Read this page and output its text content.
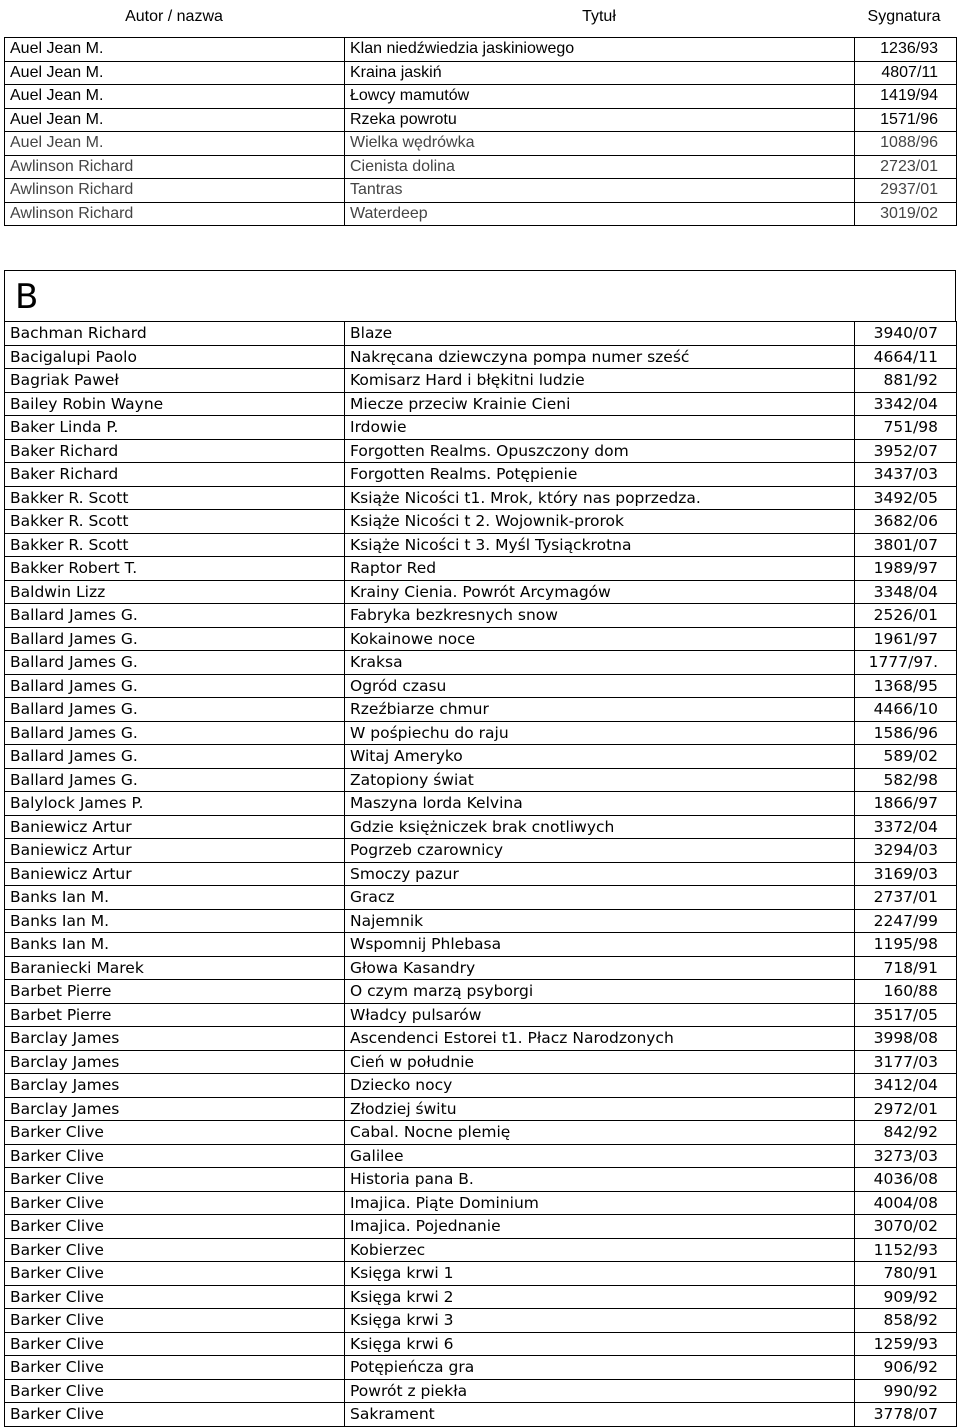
Autor / nazwa	Tytuł	Sygnatura
Auel Jean M.	Klan niedźwiedzia jaskiniowego	1236/93
Auel Jean M.	Kraina jaskiń	4807/11
Auel Jean M.	Łowcy mamutów	1419/94
Auel Jean M.	Rzeka powrotu	1571/96
Auel Jean M.	Wielka wędrówka	1088/96
Awlinson Richard	Cienista dolina	2723/01
Awlinson Richard	Tantras	2937/01
Awlinson Richard	Waterdeep	3019/02
B
Bachman Richard	Blaze	3940/07
Bacigalupi Paolo	Nakręcana dziewczyna pompa numer sześć	4664/11
Bagriak Paweł	Komisarz Hard i błękitni ludzie	881/92
Bailey Robin Wayne	Miecze przeciw Krainie Cieni	3342/04
Baker Linda P.	Irdowie	751/98
Baker Richard	Forgotten Realms. Opuszczony dom	3952/07
Baker Richard	Forgotten Realms. Potępienie	3437/03
Bakker R. Scott	Książe Nicości t1. Mrok, który nas poprzedza.	3492/05
Bakker R. Scott	Książe Nicości t 2. Wojownik-prorok	3682/06
Bakker R. Scott	Książe Nicości t 3. Myśl Tysiąckrotna	3801/07
Bakker Robert T.	Raptor Red	1989/97
Baldwin Lizz	Krainy Cienia. Powrót Arcymagów	3348/04
Ballard James G.	Fabryka bezkresnych snow	2526/01
Ballard James G.	Kokainowe noce	1961/97
Ballard James G.	Kraksa	1777/97.
Ballard James G.	Ogród czasu	1368/95
Ballard James G.	Rzeźbiarze chmur	4466/10
Ballard James G.	W pośpiechu do raju	1586/96
Ballard James G.	Witaj Ameryko	589/02
Ballard James G.	Zatopiony świat	582/98
Balylock James P.	Maszyna lorda Kelvina	1866/97
Baniewicz Artur	Gdzie księżniczek brak cnotliwych	3372/04
Baniewicz Artur	Pogrzeb czarownicy	3294/03
Baniewicz Artur	Smoczy pazur	3169/03
Banks Ian M.	Gracz	2737/01
Banks Ian M.	Najemnik	2247/99
Banks Ian M.	Wspomnij Phlebasa	1195/98
Baraniecki Marek	Głowa Kasandry	718/91
Barbet Pierre	O czym marzą psyborgi	160/88
Barbet Pierre	Władcy pulsarów	3517/05
Barclay James	Ascendenci Estorei t1. Płacz Narodzonych	3998/08
Barclay James	Cień w południe	3177/03
Barclay James	Dziecko nocy	3412/04
Barclay James	Złodziej świtu	2972/01
Barker Clive	Cabal. Nocne plemię	842/92
Barker Clive	Galilee	3273/03
Barker Clive	Historia pana B.	4036/08
Barker Clive	Imajica. Piąte Dominium	4004/08
Barker Clive	Imajica. Pojednanie	3070/02
Barker Clive	Kobierzec	1152/93
Barker Clive	Księga krwi 1	780/91
Barker Clive	Księga krwi 2	909/92
Barker Clive	Księga krwi 3	858/92
Barker Clive	Księga krwi 6	1259/93
Barker Clive	Potępieńcza gra	906/92
Barker Clive	Powrót z piekła	990/92
Barker Clive	Sakrament	3778/07
